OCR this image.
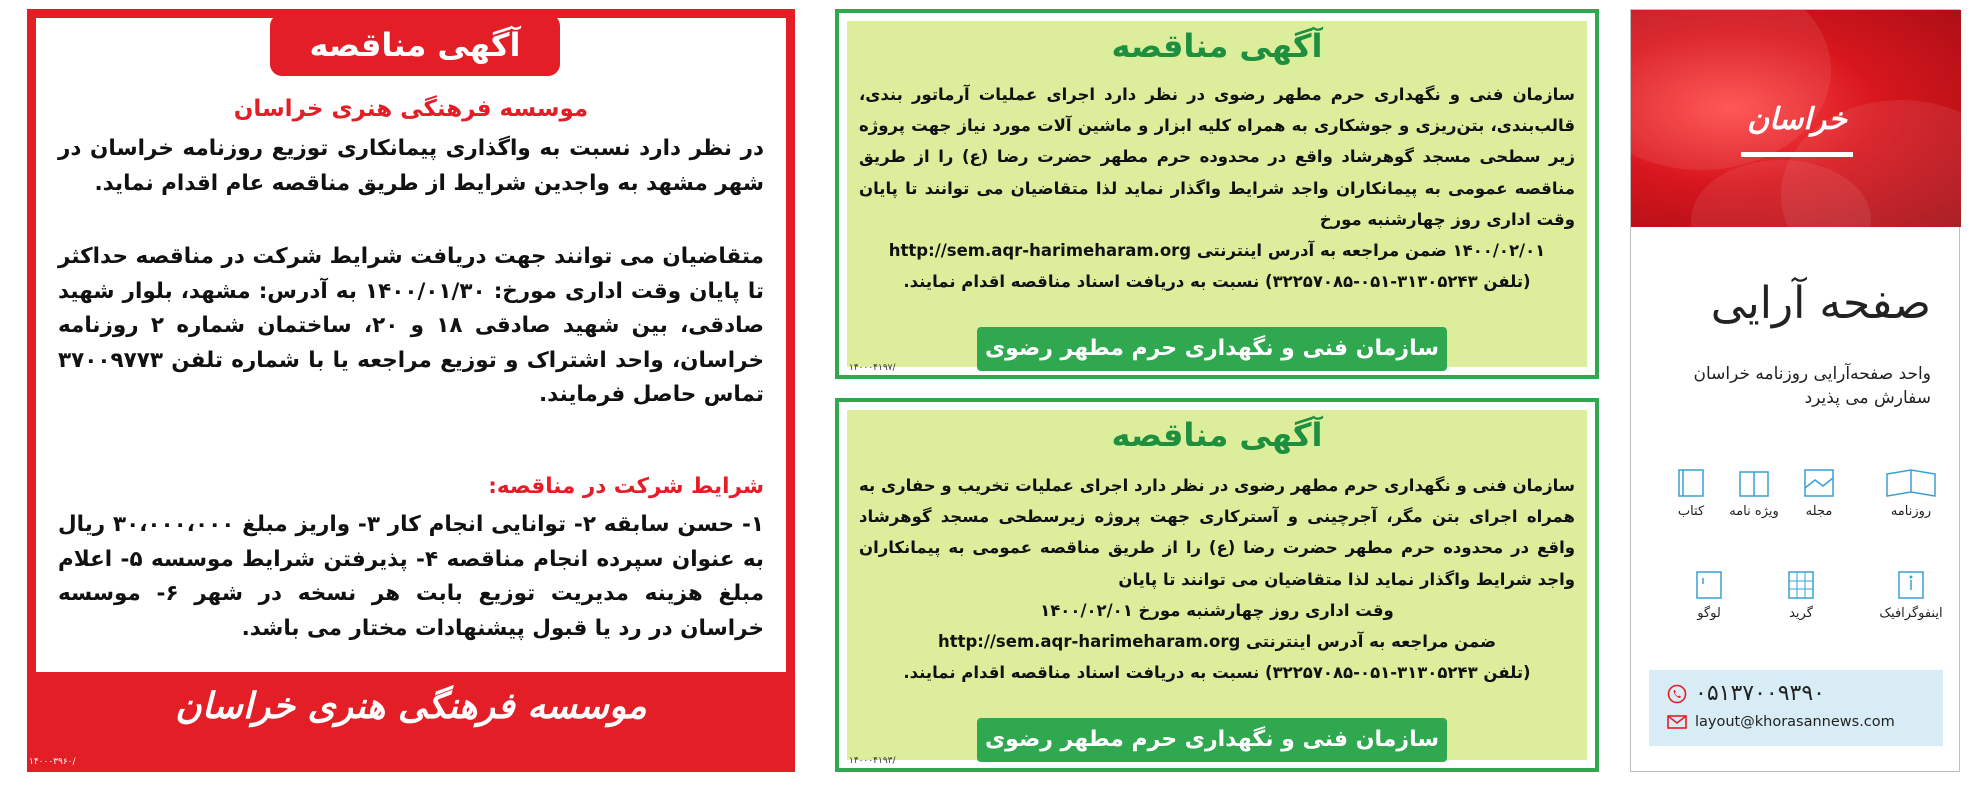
آگهی مناقصه
موسسه فرهنگی هنری خراسان
در نظر دارد نسبت به واگذاری پیمانکاری توزیع روزنامه خراسان در شهر مشهد به واجدین شرایط از طریق مناقصه عام اقدام نماید.
متقاضیان می توانند جهت دریافت شرایط شرکت در مناقصه حداکثر تا پایان وقت اداری مورخ: ۱۴۰۰/۰۱/۳۰ به آدرس: مشهد، بلوار شهید صادقی، بین شهید صادقی ۱۸ و ۲۰، ساختمان شماره ۲ روزنامه خراسان، واحد اشتراک و توزیع مراجعه یا با شماره تلفن ۳۷۰۰۹۷۷۳ تماس حاصل فرمایند.
شرایط شرکت در مناقصه:
۱- حسن سابقه ۲- توانایی انجام کار ۳- واریز مبلغ ۳۰،۰۰۰،۰۰۰ ریال به عنوان سپرده انجام مناقصه ۴- پذیرفتن شرایط موسسه ۵- اعلام مبلغ هزینه مدیریت توزیع بابت هر نسخه در شهر ۶- موسسه خراسان در رد یا قبول پیشنهادات مختار می باشد.
موسسه فرهنگی هنری خراسان
۱۴۰۰۰۳۹۶۰/
آگهی مناقصه
سازمان فنی و نگهداری حرم مطهر رضوی در نظر دارد اجرای عملیات آرماتور بندی، قالب‌بندی، بتن‌ریزی و جوشکاری به همراه کلیه ابزار و ماشین آلات مورد نیاز جهت پروژه زیر سطحی مسجد گوهرشاد واقع در محدوده حرم مطهر حضرت رضا (ع) را از طریق مناقصه عمومی به پیمانکاران واجد شرایط واگذار نماید لذا متقاضیان می توانند تا پایان وقت اداری روز چهارشنبه مورخ
۱۴۰۰/۰۲/۰۱ ضمن مراجعه به آدرس اینترنتی http://sem.aqr-harimeharam.org
(تلفن ۳۱۳۰۵۲۴۳-۰۵۱-۳۲۲۵۷۰۸۵) نسبت به دریافت اسناد مناقصه اقدام نمایند.
سازمان فنی و نگهداری حرم مطهر رضوی
۱۴۰۰۰۴۱۹۷/
آگهی مناقصه
سازمان فنی و نگهداری حرم مطهر رضوی در نظر دارد اجرای عملیات تخریب و حفاری به همراه اجرای بتن مگر، آجرچینی و آسترکاری جهت پروژه زیرسطحی مسجد گوهرشاد واقع در محدوده حرم مطهر حضرت رضا (ع) را از طریق مناقصه عمومی به پیمانکاران واجد شرایط واگذار نماید لذا متقاضیان می توانند تا پایان
وقت اداری روز چهارشنبه مورخ ۱۴۰۰/۰۲/۰۱
ضمن مراجعه به آدرس اینترنتی http://sem.aqr-harimeharam.org
(تلفن ۳۱۳۰۵۲۴۳-۰۵۱-۳۲۲۵۷۰۸۵) نسبت به دریافت اسناد مناقصه اقدام نمایند.
سازمان فنی و نگهداری حرم مطهر رضوی
۱۴۰۰۰۴۱۹۳/
خراسان
صفحه آرایی
واحد صفحه‌آرایی روزنامه خراسان سفارش می پذیرد
روزنامه
مجله
ویژه نامه
کتاب
اینفوگرافیک
گرید
لوگو
۰۵۱۳۷۰۰۹۳۹۰
layout@khorasannews.com
